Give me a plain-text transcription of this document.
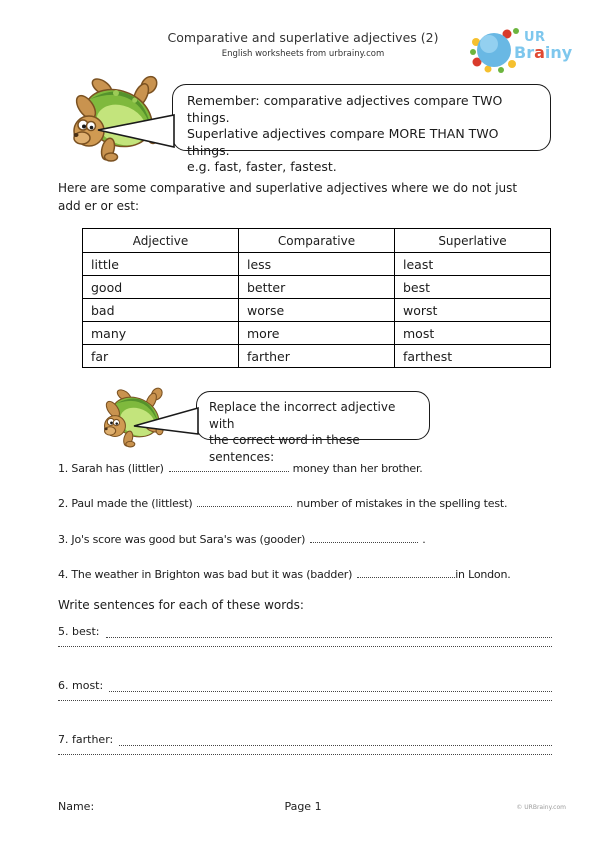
Comparative and superlative adjectives (2)
English worksheets from urbrainy.com
UR
Brainy
Remember: comparative adjectives compare TWO things.
Superlative adjectives compare MORE THAN TWO things.
e.g. fast, faster, fastest.
Here are some comparative and superlative adjectives where we do not just
add er or est:
Adjective	Comparative	Superlative
little	less	least
good	better	best
bad	worse	worst
many	more	most
far	farther	farthest
Replace the incorrect adjective with
the correct word in these sentences:
1. Sarah has (littler)	money than her brother.
2. Paul made the (littlest)	number of mistakes in the spelling test.
3. Jo's score was good but Sara's was (gooder)	.
4. The weather in Brighton was bad but it was (badder)	in London.
Write sentences for each of these words:
5. best:
6. most:
7. farther:
Name:	Page 1	© URBrainy.com
